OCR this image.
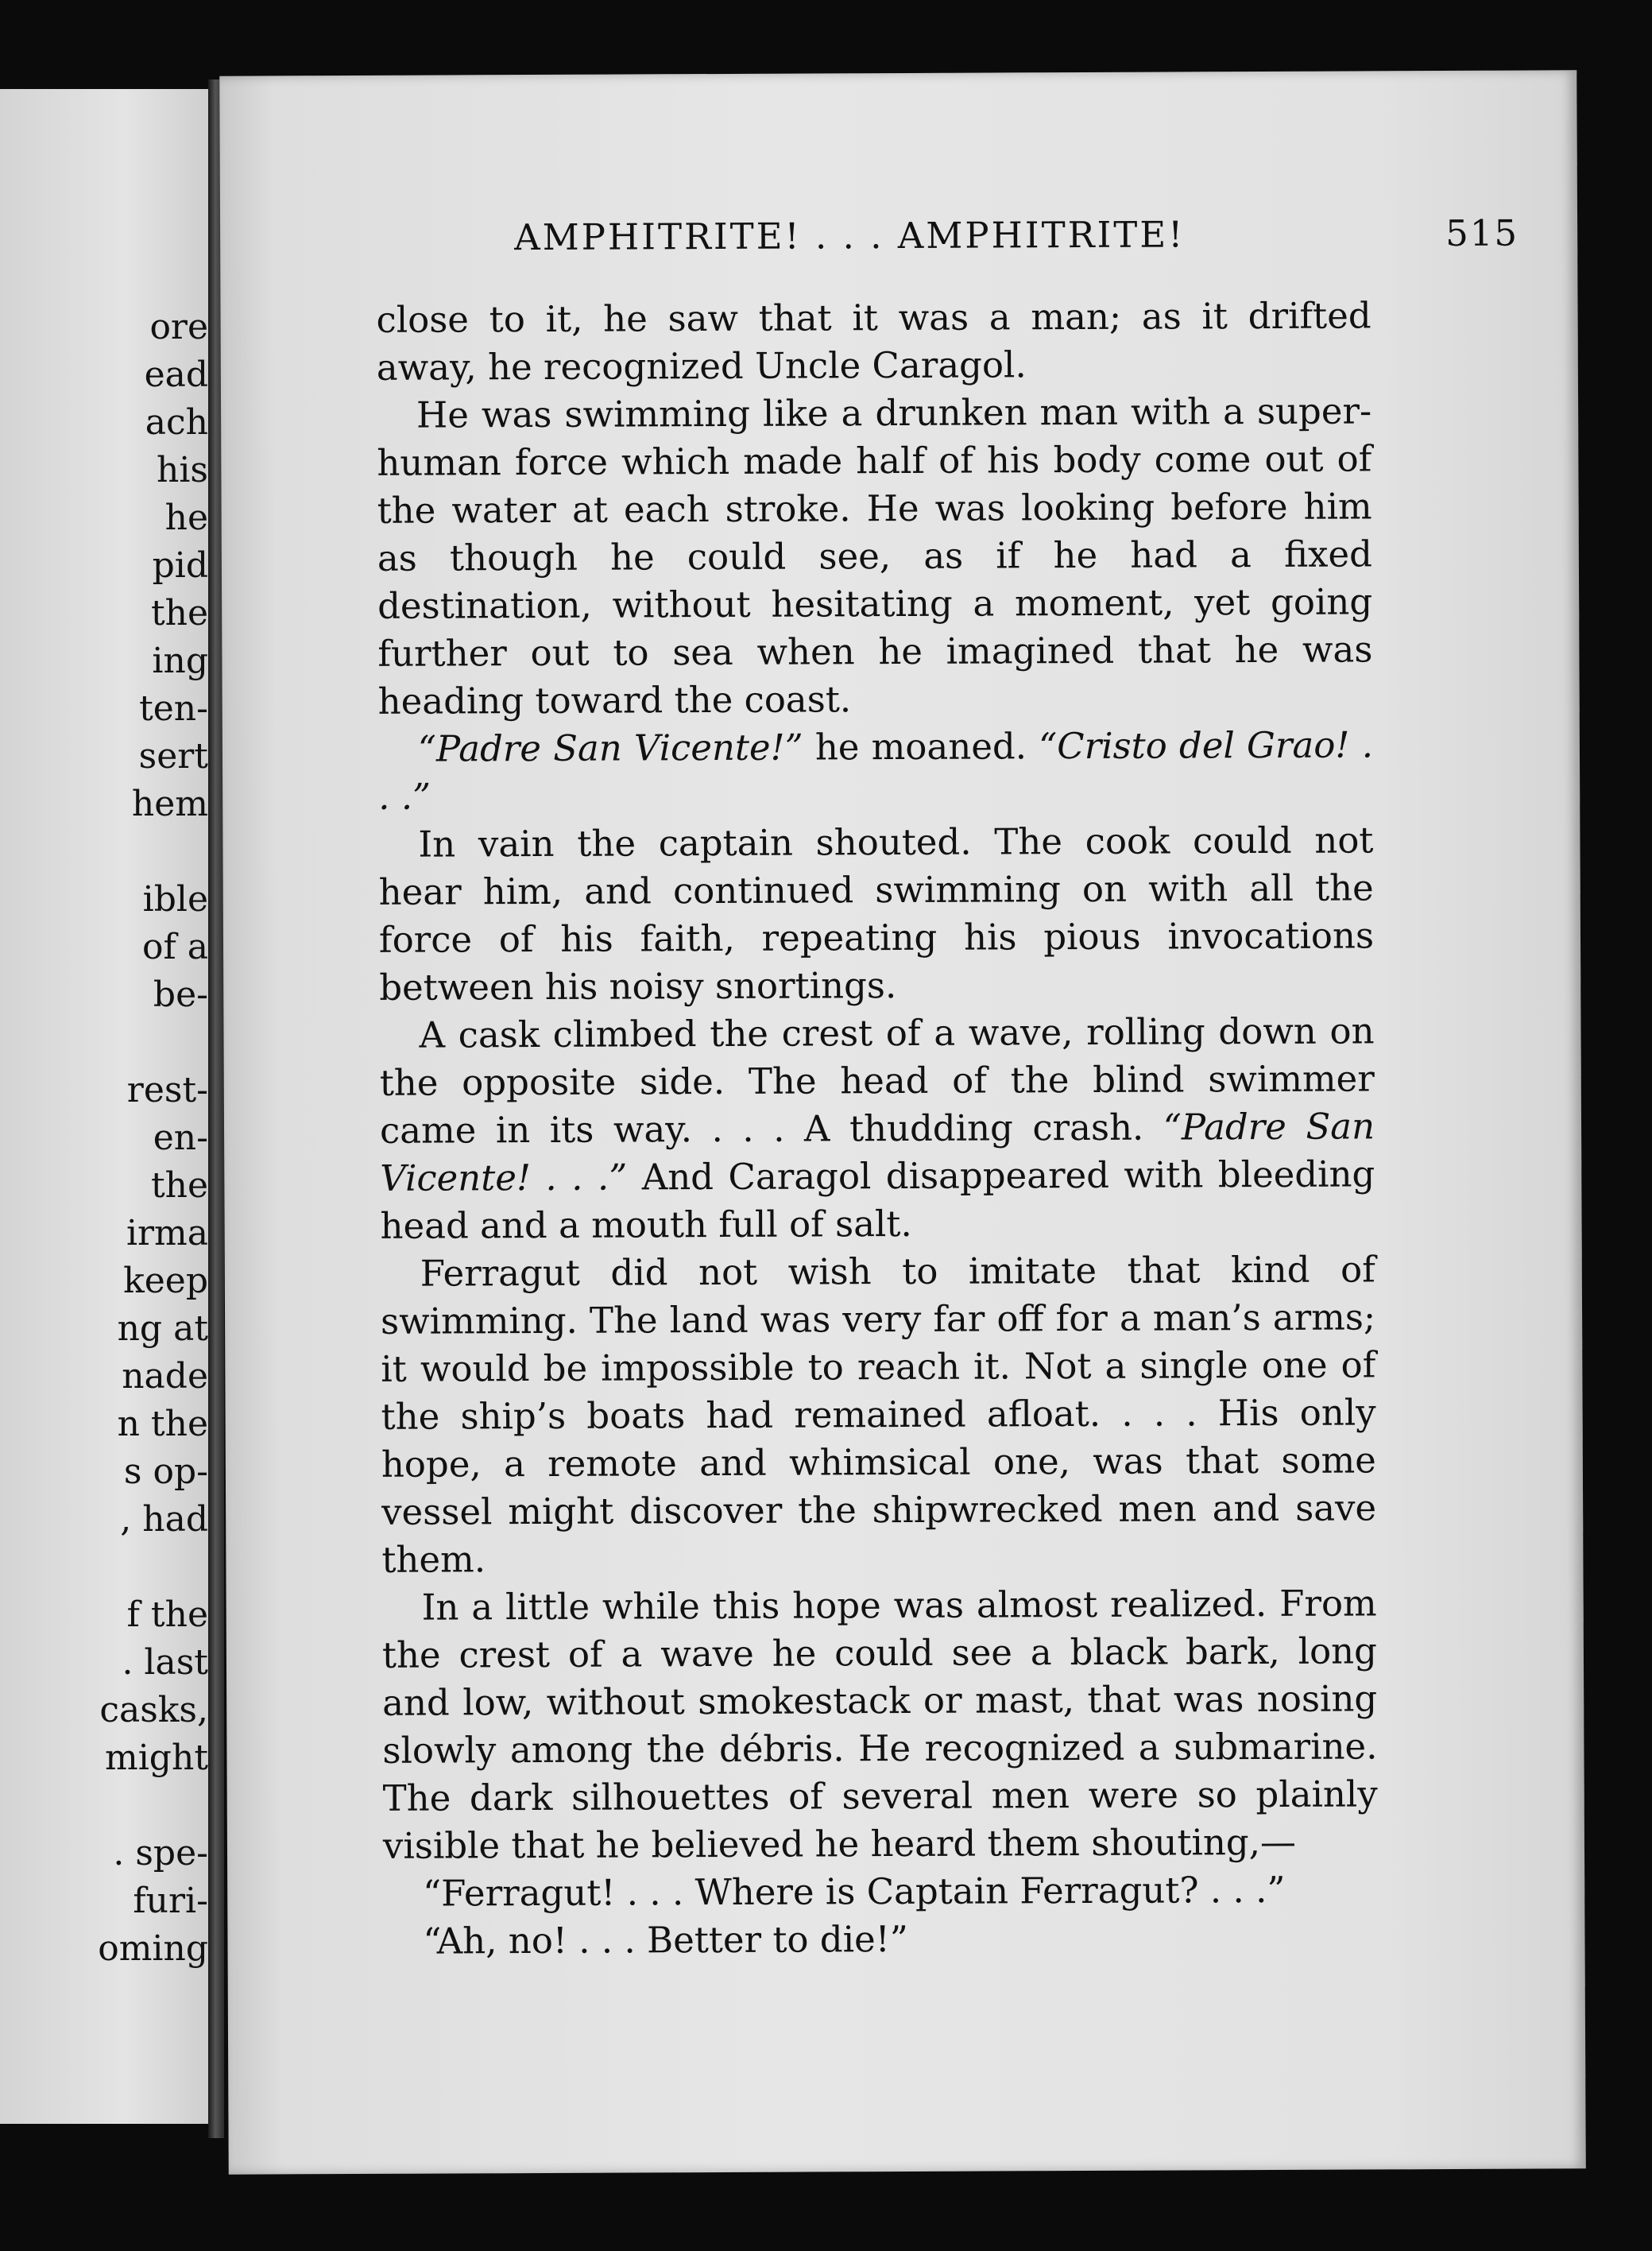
ore
ead
ach
his
he
pid
the
ing
ten-
sert
hem
ible
of a
be-
rest-
en-
the
irma
keep
ng at
nade
n the
s op-
, had
f the
. last
casks,
might
. spe-
furi-
oming
AMPHITRITE! . . . AMPHITRITE!	515

close to it, he saw that it was a man; as it drifted away, he recognized Uncle Caragol.

He was swimming like a drunken man with a super-human force which made half of his body come out of the water at each stroke. He was looking before him as though he could see, as if he had a fixed destination, without hesitating a moment, yet going further out to sea when he imagined that he was heading toward the coast.

“Padre San Vicente!” he moaned. “Cristo del Grao! . . .”

In vain the captain shouted. The cook could not hear him, and continued swimming on with all the force of his faith, repeating his pious invocations between his noisy snortings.

A cask climbed the crest of a wave, rolling down on the opposite side. The head of the blind swimmer came in its way. . . . A thudding crash. “Padre San Vicente! . . .” And Caragol disappeared with bleeding head and a mouth full of salt.

Ferragut did not wish to imitate that kind of swimming. The land was very far off for a man’s arms; it would be impossible to reach it. Not a single one of the ship’s boats had remained afloat. . . . His only hope, a remote and whimsical one, was that some vessel might discover the shipwrecked men and save them.

In a little while this hope was almost realized. From the crest of a wave he could see a black bark, long and low, without smokestack or mast, that was nosing slowly among the débris. He recognized a submarine. The dark silhouettes of several men were so plainly visible that he believed he heard them shouting,—

“Ferragut! . . . Where is Captain Ferragut? . . .”

“Ah, no! . . . Better to die!”
